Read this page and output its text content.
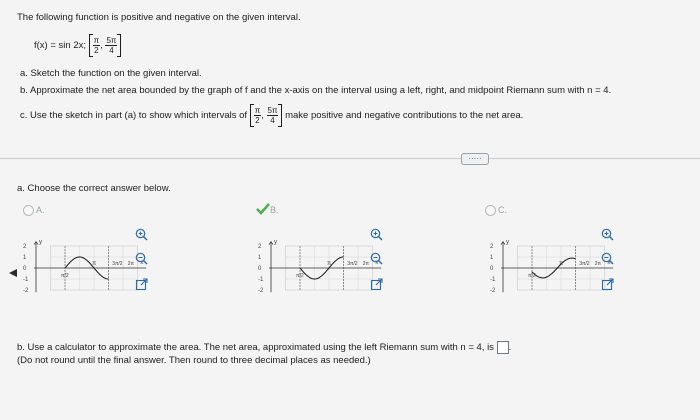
The following function is positive and negative on the given interval.
f(x) = sin 2x; $\frac{\pi}{2}$, $\frac{5\pi}{4}$
a. Sketch the function on the given interval.
b. Approximate the net area bounded by the graph of f and the x-axis on the interval using a left, right, and midpoint Riemann sum with n = 4.
c. Use the sketch in part (a) to show which intervals of $\frac{\pi}{2}$, $\frac{5\pi}{4}$ make positive and negative contributions to the net area.
·····
a. Choose the correct answer below.
A.	B.	C.
y
x
2
1
0
-1
-2
π/2
π	3π/2 2π
y
x
2
1
0
-1
-2
π/2
π	3π/2 2π
y
x
2
1
0
-1
-2
π/2
π	3π/2 2π
b. Use a calculator to approximate the area. The net area, approximated using the left Riemann sum with n = 4, is .
(Do not round until the final answer. Then round to three decimal places as needed.)
